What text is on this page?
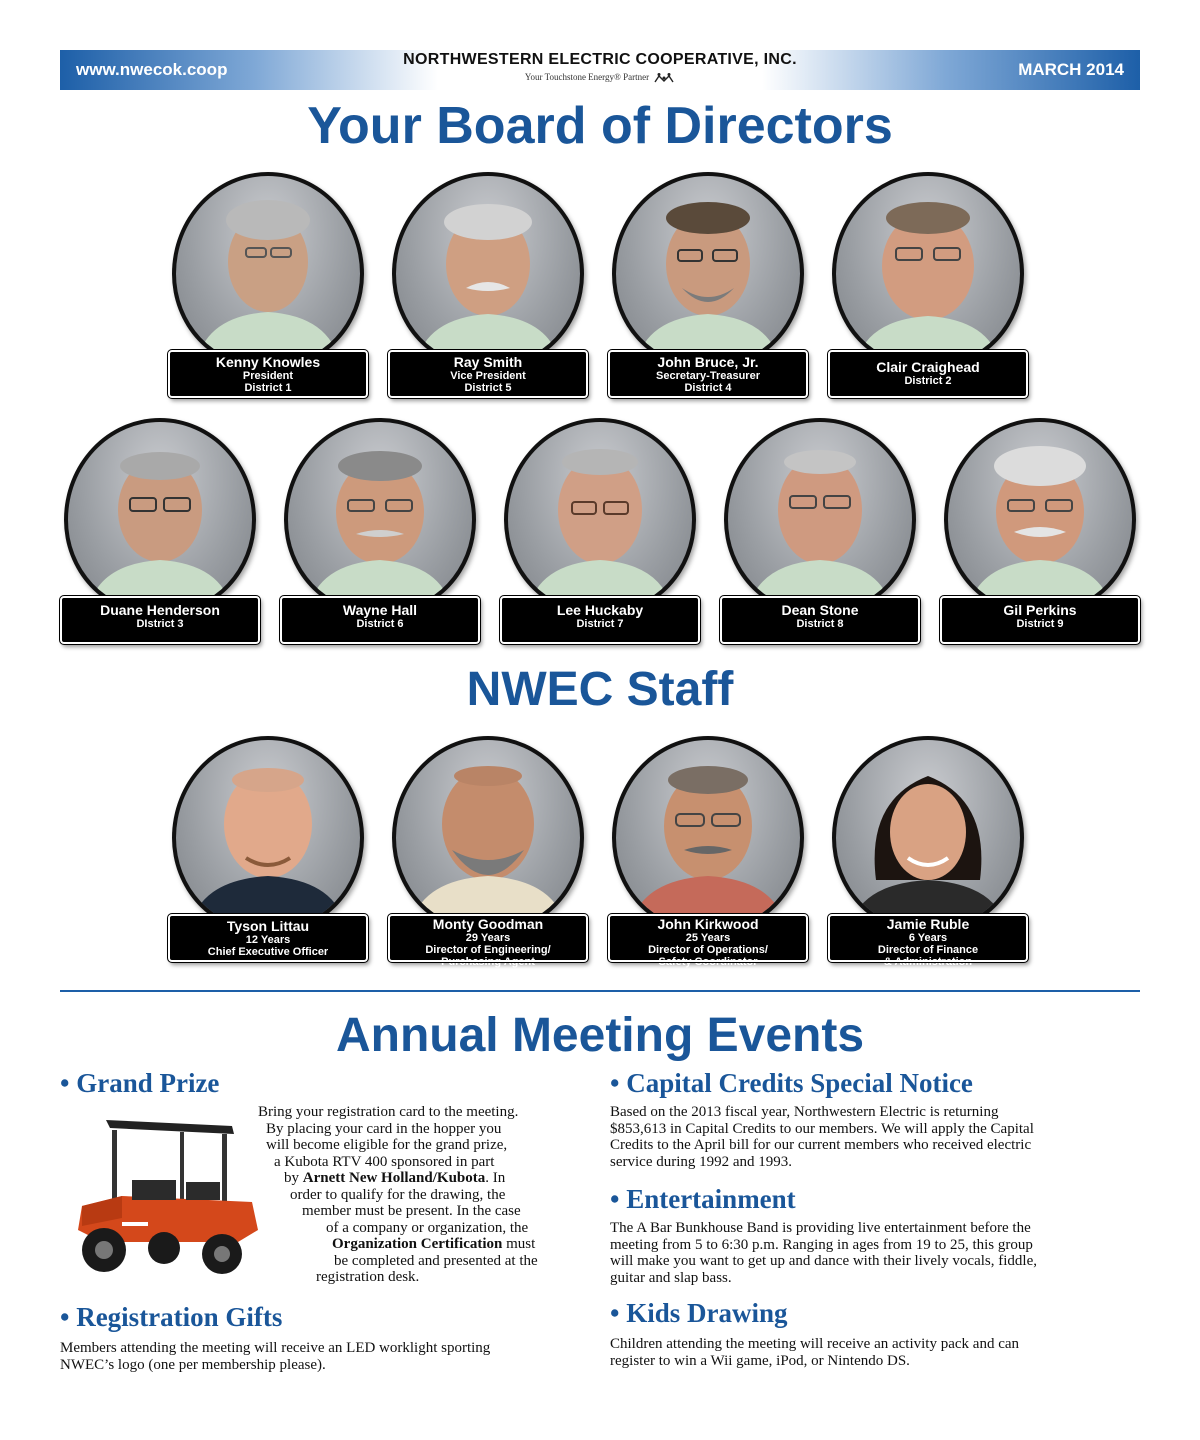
www.nwecok.coop
NORTHWESTERN ELECTRIC COOPERATIVE, INC.
Your Touchstone Energy® Partner	MARCH 2014
Your Board of Directors
Kenny Knowles
President
District 1
Ray Smith
Vice President
District 5
John Bruce, Jr.
Secretary-Treasurer
District 4
Clair Craighead
District 2
Duane Henderson
DIstrict 3
Wayne Hall
District 6
Lee Huckaby
District 7
Dean Stone
District 8
Gil Perkins
District 9
NWEC Staff
Tyson Littau
12 Years
Chief Executive Officer
Monty Goodman
29 Years
Director of Engineering/
Purchasing Agent
John Kirkwood
25 Years
Director of Operations/
Safety Coordinator
Jamie Ruble
6 Years
Director of Finance
& Administration
Annual Meeting Events
• Grand Prize
Bring your registration card to the meeting.
By placing your card in the hopper you
will become eligible for the grand prize,
a Kubota RTV 400 sponsored in part
by Arnett New Holland/Kubota. In
order to qualify for the drawing, the
member must be present. In the case
of a company or organization, the
Organization Certification must
be completed and presented at the
registration desk.
• Registration Gifts
Members attending the meeting will receive an LED worklight sporting
NWEC’s logo (one per membership please).
• Capital Credits Special Notice
Based on the 2013 fiscal year, Northwestern Electric is returning
$853,613 in Capital Credits to our members. We will apply the Capital
Credits to the April bill for our current members who received electric
service during 1992 and 1993.
• Entertainment
The A Bar Bunkhouse Band is providing live entertainment before the
meeting from 5 to 6:30 p.m. Ranging in ages from 19 to 25, this group
will make you want to get up and dance with their lively vocals, fiddle,
guitar and slap bass.
• Kids Drawing
Children attending the meeting will receive an activity pack and can
register to win a Wii game, iPod, or Nintendo DS.
